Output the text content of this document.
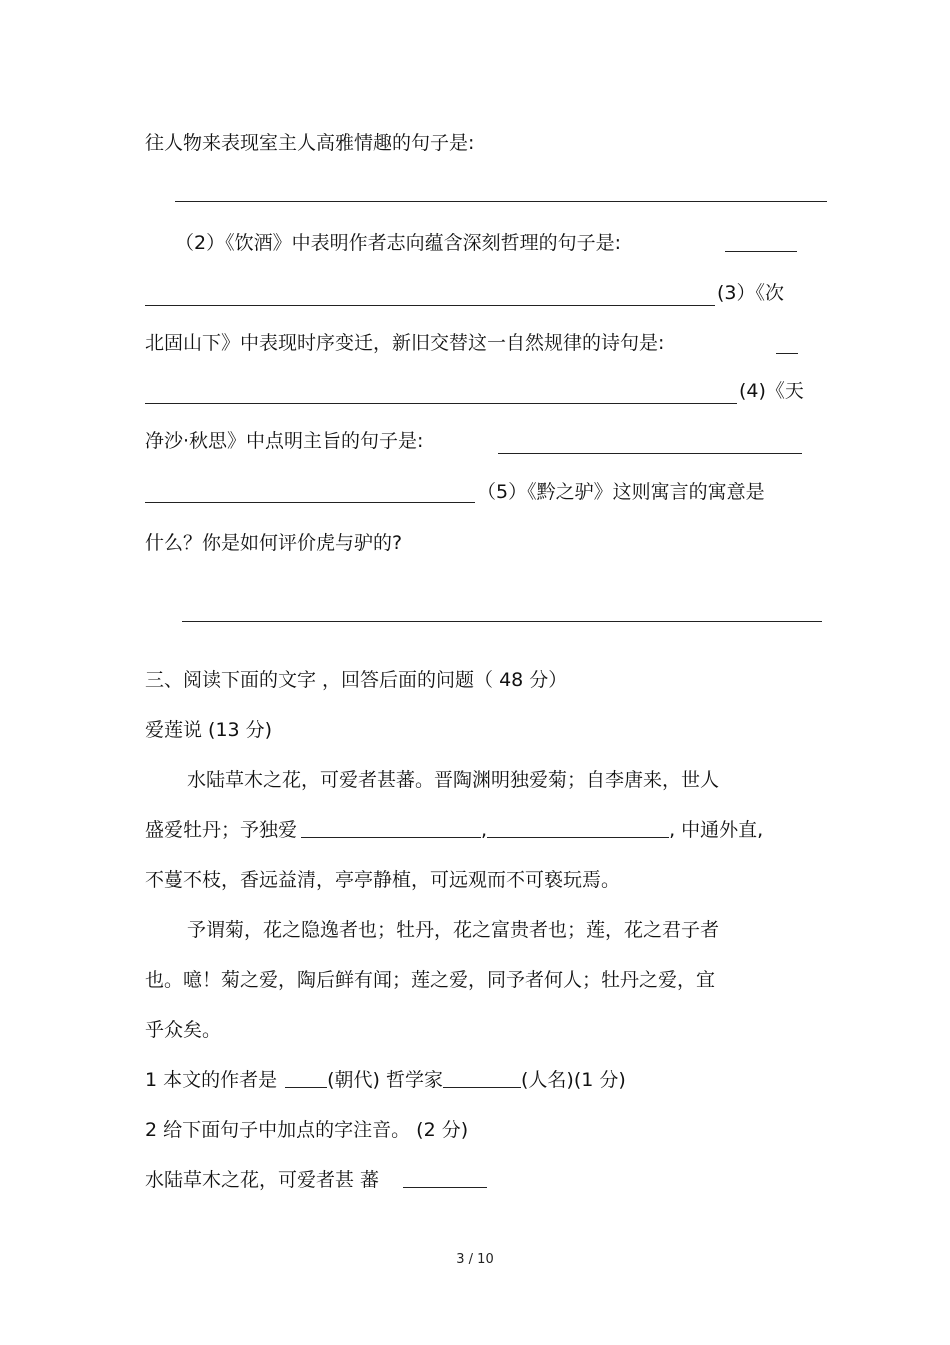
往人物来表现室主人高雅情趣的句子是:
（2）《饮酒》中表明作者志向蕴含深刻哲理的句子是:
(3）《次
北固山下》中表现时序变迁，新旧交替这一自然规律的诗句是:
(4)《天
净沙·秋思》中点明主旨的句子是:
（5）《黔之驴》这则寓言的寓意是
什么？你是如何评价虎与驴的?
三、阅读下面的文字 ，回答后面的问题（ 48 分）
爱莲说 (13 分)
水陆草木之花，可爱者甚蕃。晋陶渊明独爱菊；自李唐来，世人
盛爱牡丹；予独爱	,	, 中通外直,
不蔓不枝，香远益清，亭亭静植，可远观而不可亵玩焉。
予谓菊，花之隐逸者也；牡丹，花之富贵者也；莲，花之君子者
也。噫！菊之爱，陶后鲜有闻；莲之爱，同予者何人；牡丹之爱，宜
乎众矣。
1 本文的作者是	(朝代) 哲学家	(人名)(1 分)
2 给下面句子中加点的字注音。 (2 分)
水陆草木之花，可爱者甚 蕃
3 / 10
